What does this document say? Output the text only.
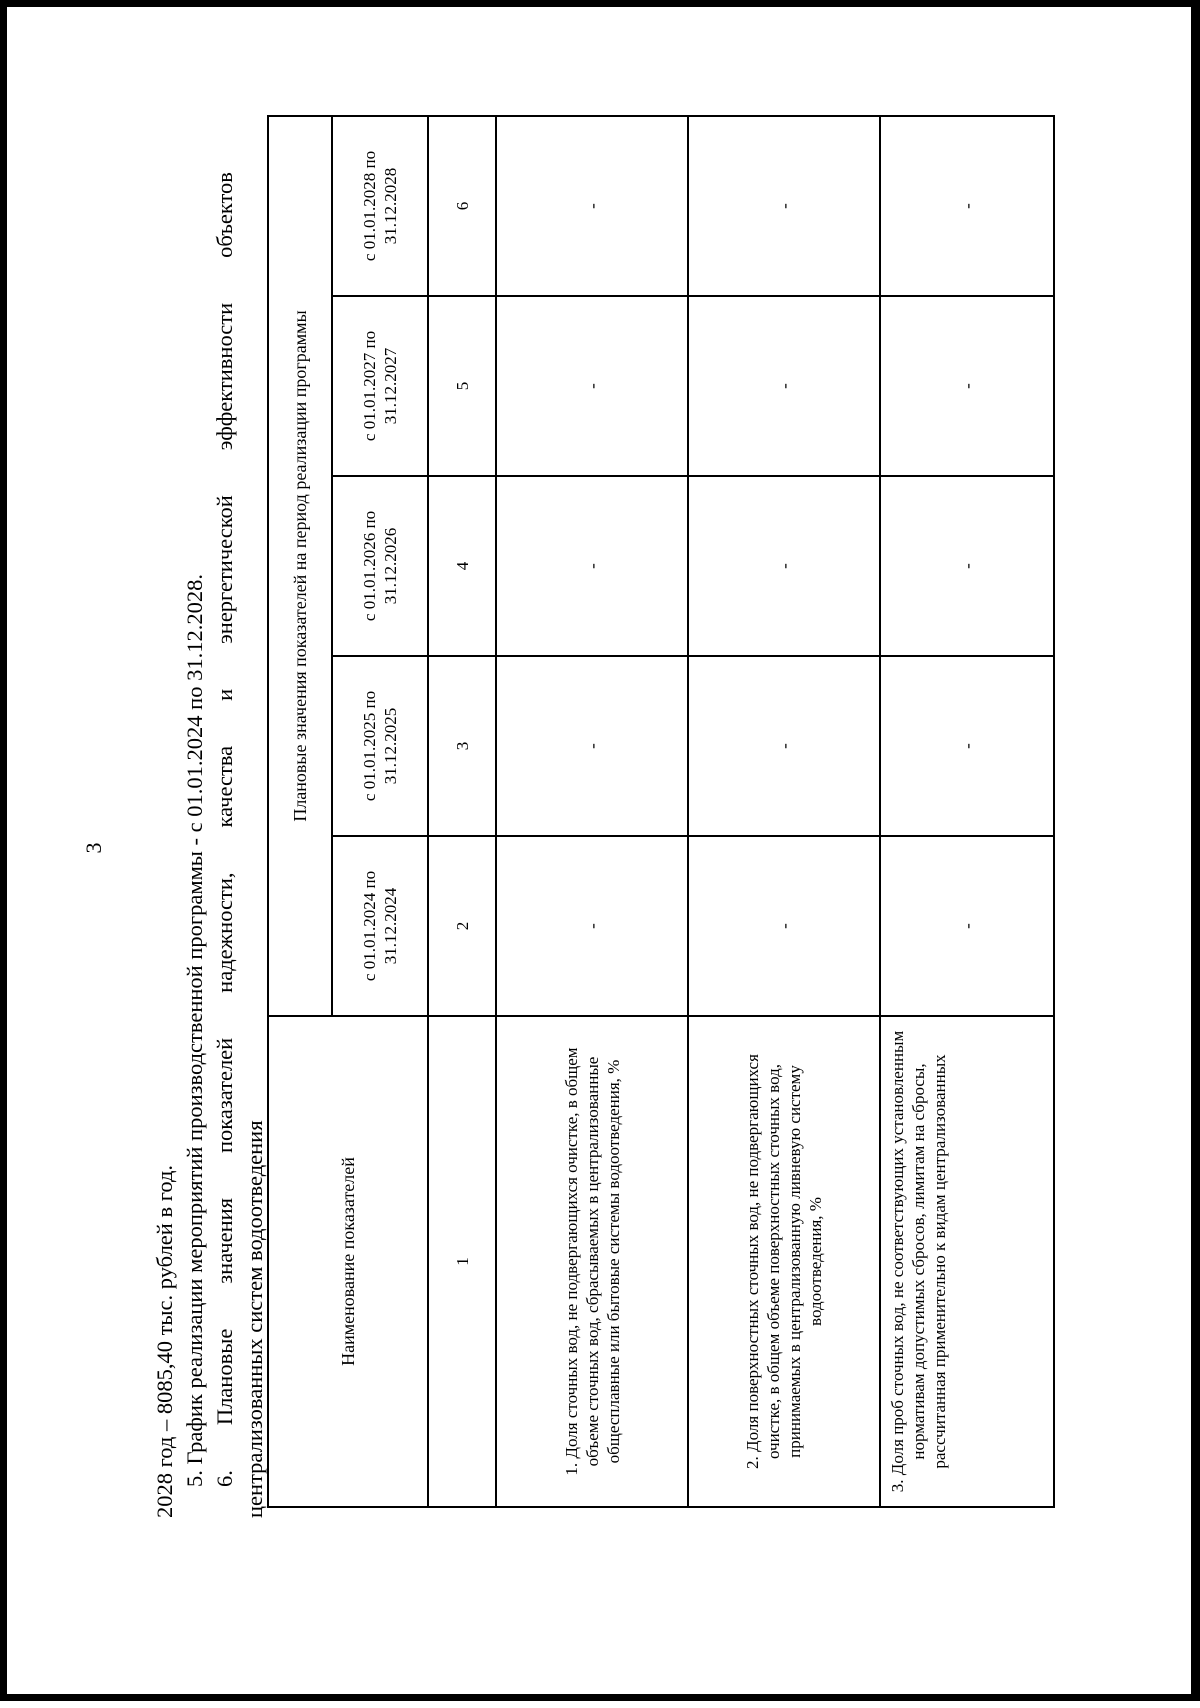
3
2028 год – 8085,40 тыс. рублей в год. 5. График реализации мероприятий производственной программы - с 01.01.2024 по 31.12.2028. 6.
Плановые
значения
показателей
надежности,
качества
и
энергетической
эффективности
объектов
централизованных систем водоотведения	Наименование показателей	Плановые значения показателей на период реализации программы				
	с 01.01.2024 по 31.12.2024	с 01.01.2025 по 31.12.2025	с 01.01.2026 по 31.12.2026	с 01.01.2027 по 31.12.2027	с 01.01.2028 по 31.12.2028
1	2	3	4	5	6
1. Доля сточных вод, не подвергающихся очистке, в общем объеме сточных вод, сбрасываемых в централизованные общесплавные или бытовые системы водоотведения, %	-	-	-	-	-
2. Доля поверхностных сточных вод, не подвергающихся очистке, в общем объеме поверхностных сточных вод, принимаемых в централизованную ливневую систему водоотведения, %	-	-	-	-	-
3. Доля проб сточных вод, не соответствующих установленным нормативам допустимых сбросов, лимитам на сбросы, рассчитанная применительно к видам централизованных	-	-	-	-	-
